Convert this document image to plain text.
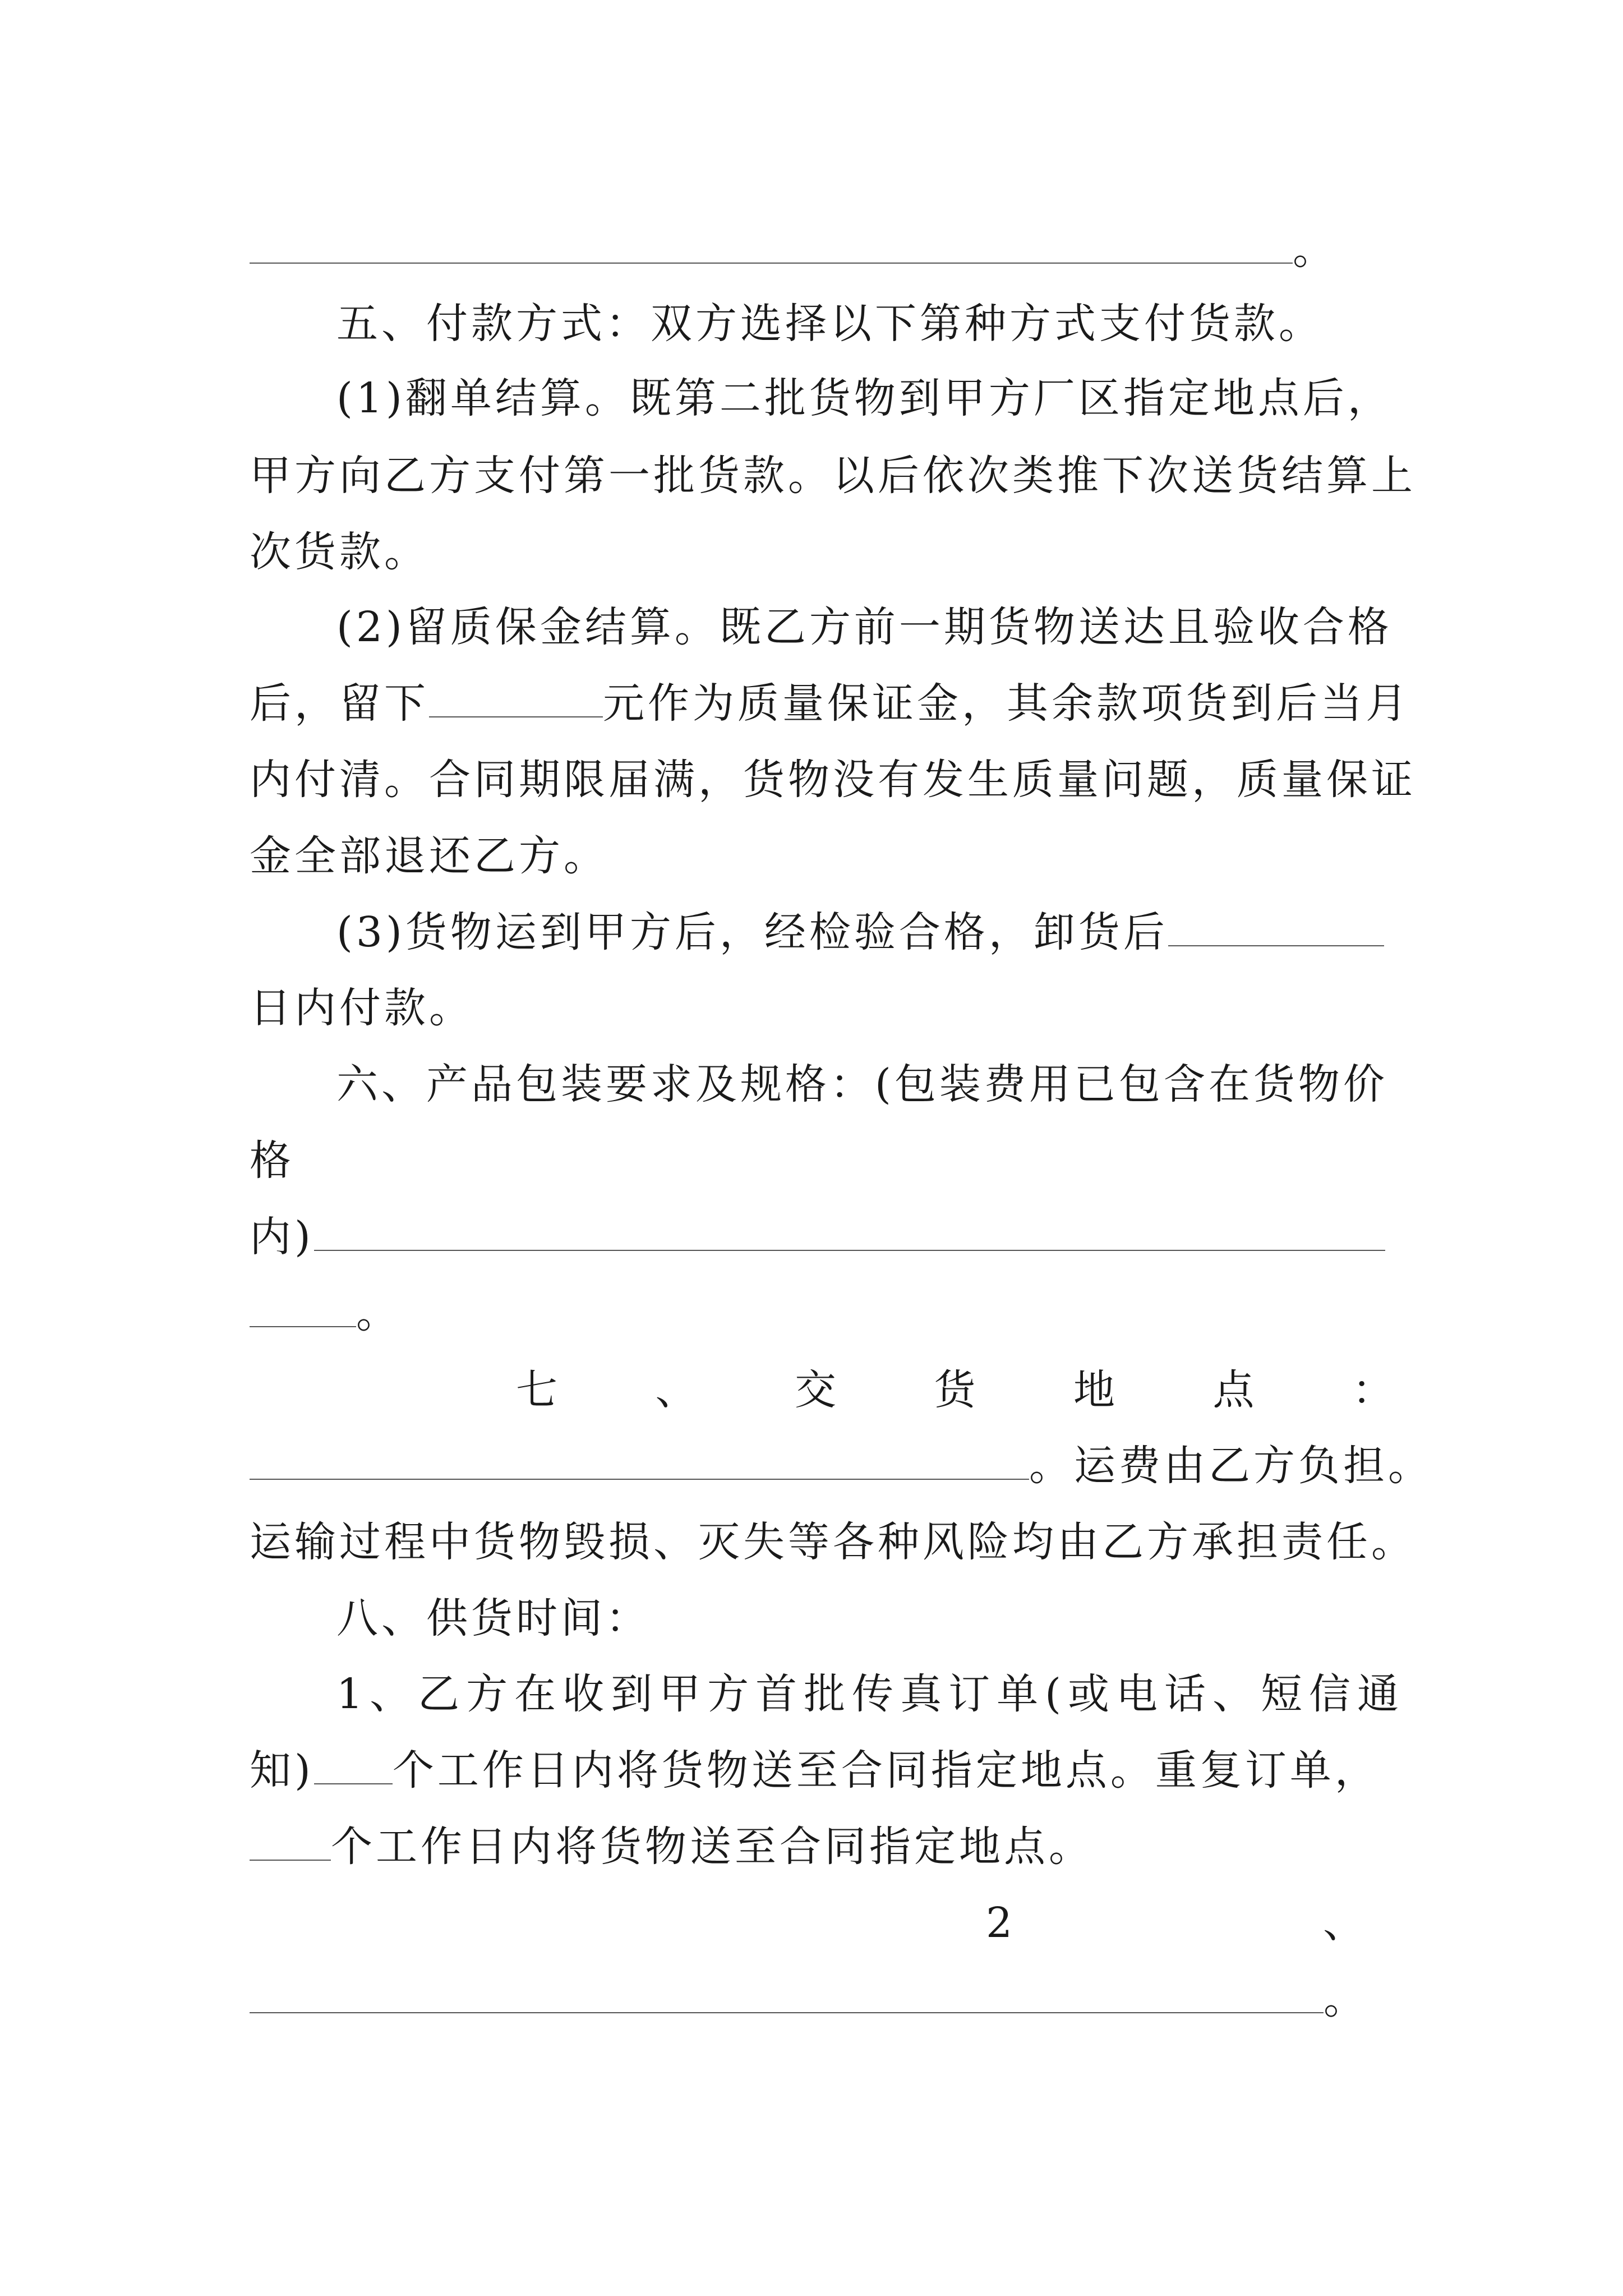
。
五、付款方式：双方选择以下第种方式支付货款。
(1)翻单结算。既第二批货物到甲方厂区指定地点后，
甲方向乙方支付第一批货款。以后依次类推下次送货结算上
次货款。
(2)留质保金结算。既乙方前一期货物送达且验收合格
后，留下	元作为质量保证金，其余款项货到后当月
内付清。合同期限届满，货物没有发生质量问题，质量保证
金全部退还乙方。
(3)货物运到甲方后，经检验合格，卸货后
日内付款。
六、产品包装要求及规格：(包装费用已包含在货物价
格
内)
。
七 、 交 货 地 点 ：
。运费由乙方负担。
运输过程中货物毁损、灭失等各种风险均由乙方承担责任。
八、供货时间：
1、乙方在收到甲方首批传真订单(或电话、短信通
知) 个工作日内将货物送至合同指定地点。重复订单，
个工作日内将货物送至合同指定地点。
2	、
。
